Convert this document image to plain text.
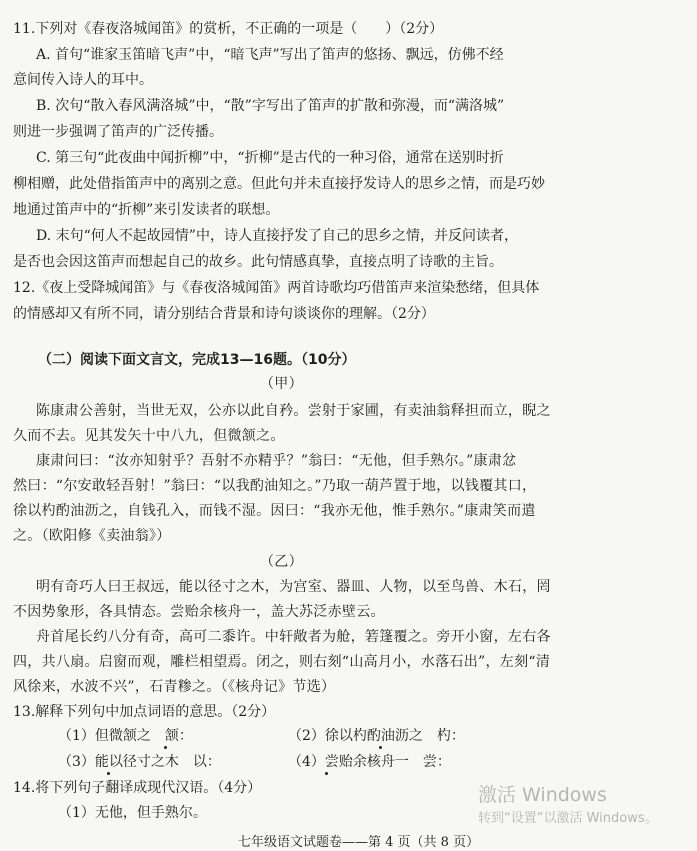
11.下列对《春夜洛城闻笛》的赏析，不正确的一项是（　　）（2分）
A. 首句“谁家玉笛暗飞声”中，“暗飞声”写出了笛声的悠扬、飘远，仿佛不经
意间传入诗人的耳中。
B. 次句“散入春风满洛城”中，“散”字写出了笛声的扩散和弥漫，而“满洛城”
则进一步强调了笛声的广泛传播。
C. 第三句“此夜曲中闻折柳”中，“折柳”是古代的一种习俗，通常在送别时折
柳相赠，此处借指笛声中的离别之意。但此句并未直接抒发诗人的思乡之情，而是巧妙
地通过笛声中的“折柳”来引发读者的联想。
D. 末句“何人不起故园情”中，诗人直接抒发了自己的思乡之情，并反问读者，
是否也会因这笛声而想起自己的故乡。此句情感真挚，直接点明了诗歌的主旨。
12.《夜上受降城闻笛》与《春夜洛城闻笛》两首诗歌均巧借笛声来渲染愁绪，但具体
的情感却又有所不同，请分别结合背景和诗句谈谈你的理解。（2分）
（二）阅读下面文言文，完成13—16题。（10分）
（甲）
陈康肃公善射，当世无双，公亦以此自矜。尝射于家圃，有卖油翁释担而立，睨之
久而不去。见其发矢十中八九，但微颔之。
康肃问曰：“汝亦知射乎？吾射不亦精乎？”翁曰：“无他，但手熟尔。”康肃忿
然曰：“尔安敢轻吾射！”翁曰：“以我酌油知之。”乃取一葫芦置于地，以钱覆其口，
徐以杓酌油沥之，自钱孔入，而钱不湿。因曰：“我亦无他，惟手熟尔。”康肃笑而遣
之。（欧阳修《卖油翁》）
（乙）
明有奇巧人曰王叔远，能以径寸之木，为宫室、器皿、人物，以至鸟兽、木石，罔
不因势象形，各具情态。尝贻余核舟一，盖大苏泛赤壁云。
舟首尾长约八分有奇，高可二黍许。中轩敞者为舱，箬篷覆之。旁开小窗，左右各
四，共八扇。启窗而观，雕栏相望焉。闭之，则右刻“山高月小，水落石出”，左刻“清
风徐来，水波不兴”，石青糁之。（《核舟记》节选）
13.解释下列句中加点词语的意思。（2分）
（1）但微颔之　颔：	（2）徐以杓酌油沥之　杓：
（3）能以径寸之木　以：	（4）尝贻余核舟一　尝：
14.将下列句子翻译成现代汉语。（4分）
（1）无他，但手熟尔。
激活 Windows
转到“设置”以激活 Windows。
七年级语文试题卷——第 4 页（共 8 页）
